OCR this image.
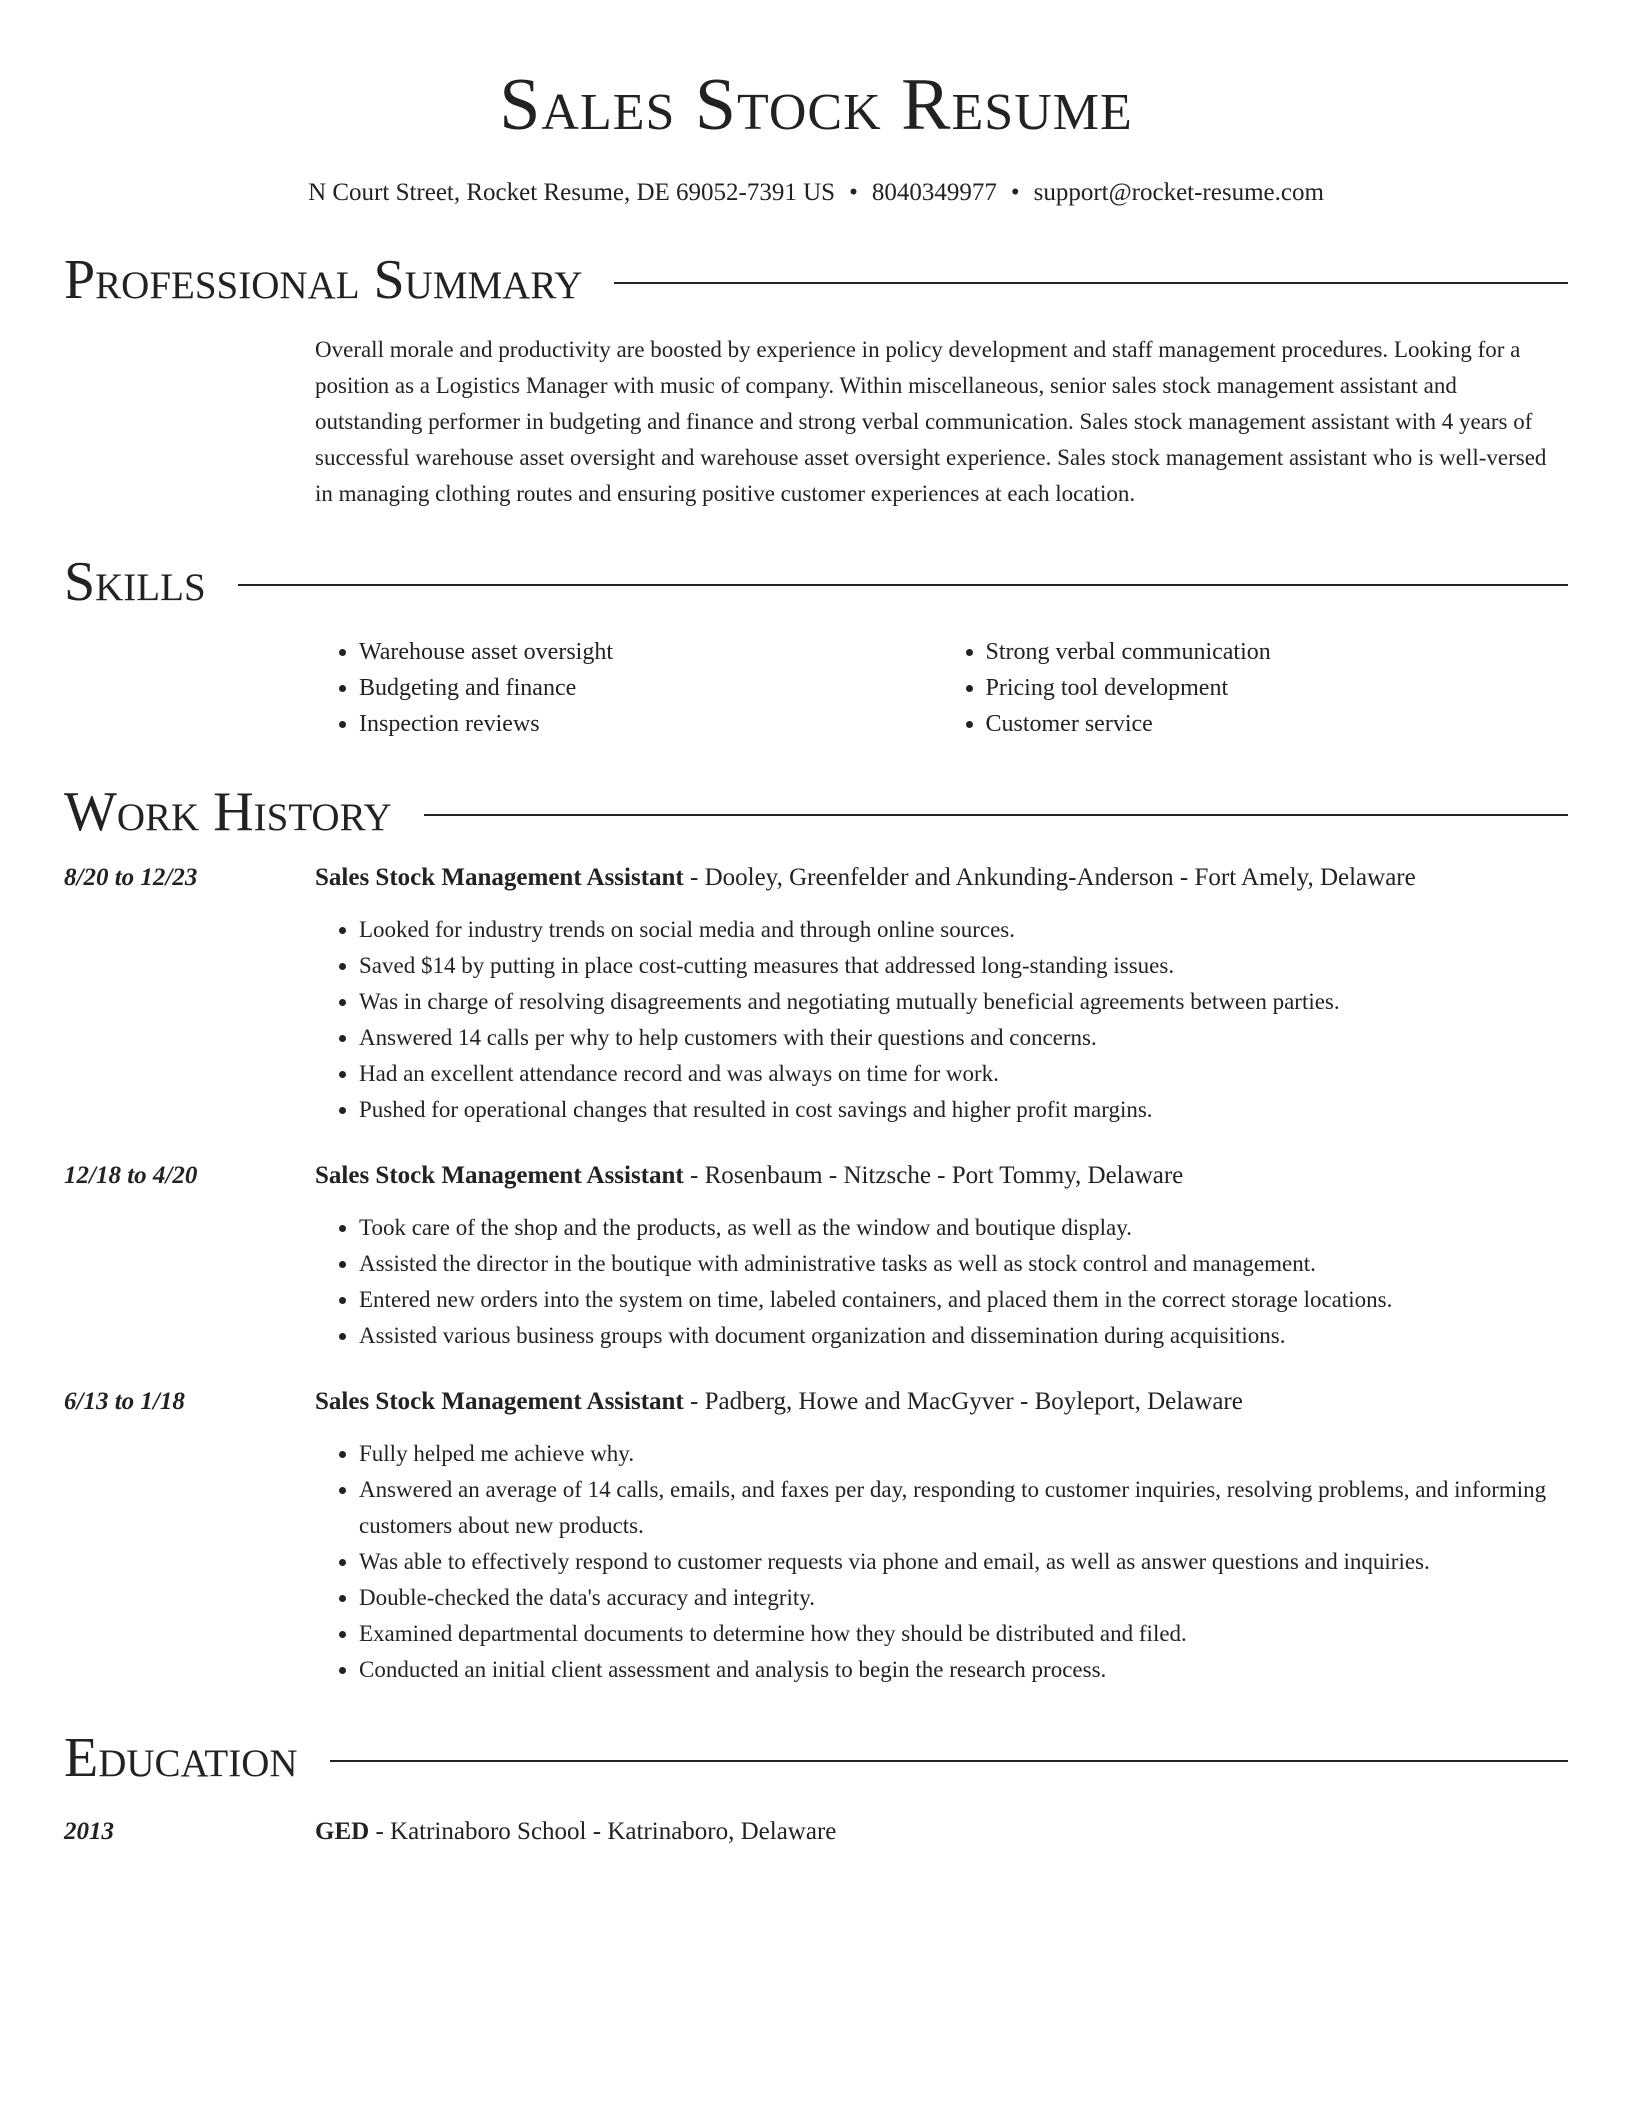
Sales Stock Resume
N Court Street, Rocket Resume, DE 69052-7391 US • 8040349977 • support@rocket-resume.com
Professional Summary
Overall morale and productivity are boosted by experience in policy development and staff management procedures. Looking for a position as a Logistics Manager with music of company. Within miscellaneous, senior sales stock management assistant and outstanding performer in budgeting and finance and strong verbal communication. Sales stock management assistant with 4 years of successful warehouse asset oversight and warehouse asset oversight experience. Sales stock management assistant who is well-versed in managing clothing routes and ensuring positive customer experiences at each location.
Skills
• Warehouse asset oversight
• Budgeting and finance
• Inspection reviews
• Strong verbal communication
• Pricing tool development
• Customer service
Work History
8/20 to 12/23	Sales Stock Management Assistant - Dooley, Greenfelder and Ankunding-Anderson - Fort Amely, Delaware
• Looked for industry trends on social media and through online sources.
• Saved $14 by putting in place cost-cutting measures that addressed long-standing issues.
• Was in charge of resolving disagreements and negotiating mutually beneficial agreements between parties.
• Answered 14 calls per why to help customers with their questions and concerns.
• Had an excellent attendance record and was always on time for work.
• Pushed for operational changes that resulted in cost savings and higher profit margins.
12/18 to 4/20	Sales Stock Management Assistant - Rosenbaum - Nitzsche - Port Tommy, Delaware
• Took care of the shop and the products, as well as the window and boutique display.
• Assisted the director in the boutique with administrative tasks as well as stock control and management.
• Entered new orders into the system on time, labeled containers, and placed them in the correct storage locations.
• Assisted various business groups with document organization and dissemination during acquisitions.
6/13 to 1/18	Sales Stock Management Assistant - Padberg, Howe and MacGyver - Boyleport, Delaware
• Fully helped me achieve why.
• Answered an average of 14 calls, emails, and faxes per day, responding to customer inquiries, resolving problems, and informing customers about new products.
• Was able to effectively respond to customer requests via phone and email, as well as answer questions and inquiries.
• Double-checked the data's accuracy and integrity.
• Examined departmental documents to determine how they should be distributed and filed.
• Conducted an initial client assessment and analysis to begin the research process.
Education
2013	GED - Katrinaboro School - Katrinaboro, Delaware
